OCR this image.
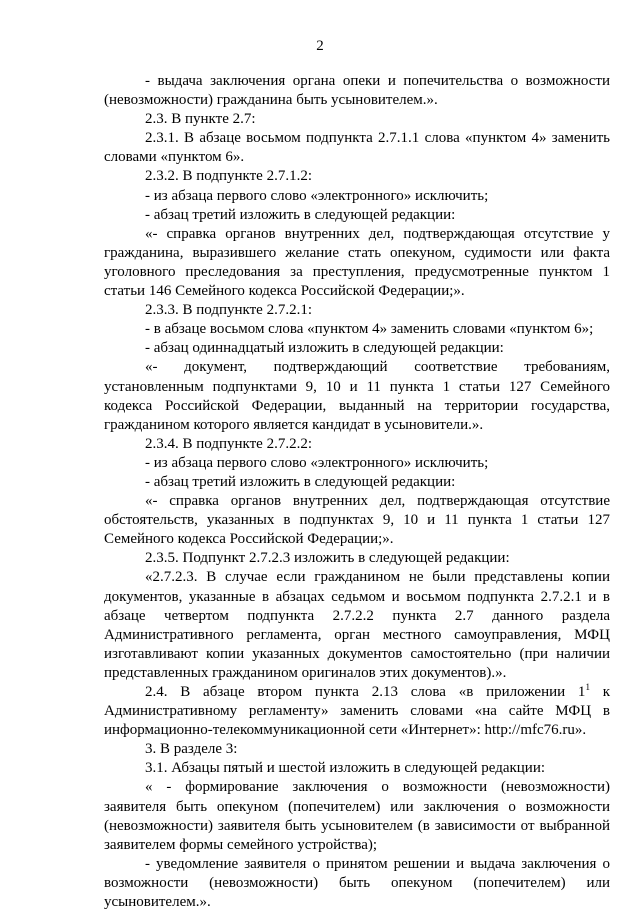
2

- выдача заключения органа опеки и попечительства о возможности (невозможности) гражданина быть усыновителем.».

2.3. В пункте 2.7:

2.3.1. В абзаце восьмом подпункта 2.7.1.1 слова «пунктом 4» заменить словами «пунктом 6».

2.3.2. В подпункте 2.7.1.2:

- из абзаца первого слово «электронного» исключить;

- абзац третий изложить в следующей редакции:

«- справка органов внутренних дел, подтверждающая отсутствие у гражданина, выразившего желание стать опекуном, судимости или факта уголовного преследования за преступления, предусмотренные пунктом 1 статьи 146 Семейного кодекса Российской Федерации;».

2.3.3. В подпункте 2.7.2.1:

- в абзаце восьмом слова «пунктом 4» заменить словами «пунктом 6»;

- абзац одиннадцатый изложить в следующей редакции:

«- документ, подтверждающий соответствие требованиям, установленным подпунктами 9, 10 и 11 пункта 1 статьи 127 Семейного кодекса Российской Федерации, выданный на территории государства, гражданином которого является кандидат в усыновители.».

2.3.4. В подпункте 2.7.2.2:

- из абзаца первого слово «электронного» исключить;

- абзац третий изложить в следующей редакции:

«- справка органов внутренних дел, подтверждающая отсутствие обстоятельств, указанных в подпунктах 9, 10 и 11 пункта 1 статьи 127 Семейного кодекса Российской Федерации;».

2.3.5. Подпункт 2.7.2.3 изложить в следующей редакции:

«2.7.2.3. В случае если гражданином не были представлены копии документов, указанные в абзацах седьмом и восьмом подпункта 2.7.2.1 и в абзаце четвертом подпункта 2.7.2.2 пункта 2.7 данного раздела Административного регламента, орган местного самоуправления, МФЦ изготавливают копии указанных документов самостоятельно (при наличии представленных гражданином оригиналов этих документов).».

2.4. В абзаце втором пункта 2.13 слова «в приложении $1^1$ к Административному регламенту» заменить словами «на сайте МФЦ в информационно-телекоммуникационной сети «Интернет»: http://mfc76.ru».

3. В разделе 3:

3.1. Абзацы пятый и шестой изложить в следующей редакции:

« - формирование заключения о возможности (невозможности) заявителя быть опекуном (попечителем) или заключения о возможности (невозможности) заявителя быть усыновителем (в зависимости от выбранной заявителем формы семейного устройства);

- уведомление заявителя о принятом решении и выдача заключения о возможности (невозможности) быть опекуном (попечителем) или усыновителем.».
